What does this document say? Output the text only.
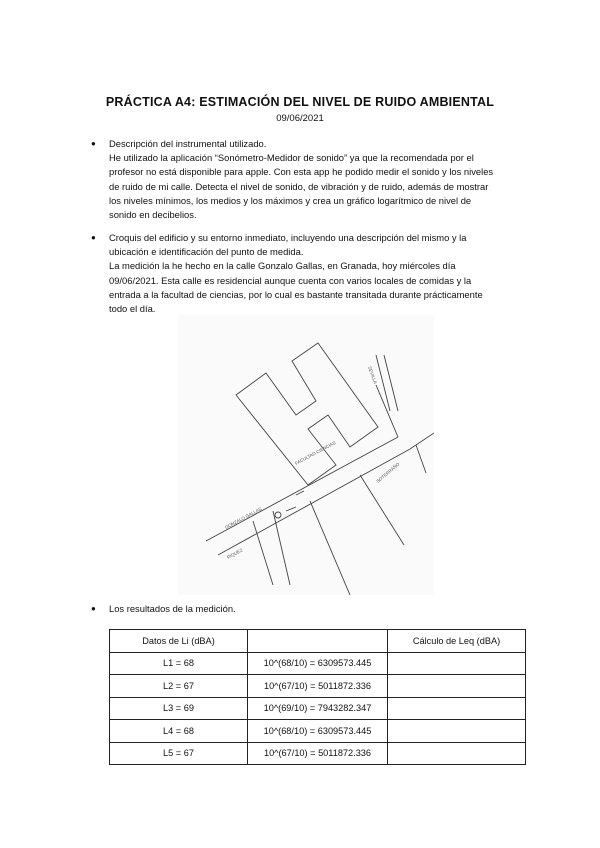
PRÁCTICA A4: ESTIMACIÓN DEL NIVEL DE RUIDO AMBIENTAL
09/06/2021
● Descripción del instrumental utilizado.

He utilizado la aplicación “Sonómetro-Medidor de sonido” ya que la recomendada por el

profesor no está disponible para apple. Con esta app he podido medir el sonido y los niveles

de ruido de mi calle. Detecta el nivel de sonido, de vibración y de ruido, además de mostrar

los niveles mínimos, los medios y los máximos y crea un gráfico logarítmico de nivel de

sonido en decibelios.

● Croquis del edificio y su entorno inmediato, incluyendo una descripción del mismo y la

ubicación e identificación del punto de medida.

La medición la he hecho en la calle Gonzalo Gallas, en Granada, hoy miércoles día

09/06/2021. Esta calle es residencial aunque cuenta con varios locales de comidas y la

entrada a la facultad de ciencias, por lo cual es bastante transitada durante prácticamente

todo el día.

FACULTAD CIENCIAS
GONZALO GALLAS
SOTERRAÑO
RIQUEZ
SEVILLA
● Los resultados de la medición.

Datos de Li (dBA)		Cálculo de Leq (dBA)
L1 = 68	10^(68/10) = 6309573.445	
L2 = 67	10^(67/10) = 5011872.336	
L3 = 69	10^(69/10) = 7943282.347	
L4 = 68	10^(68/10) = 6309573.445	
L5 = 67	10^(67/10) = 5011872.336	
